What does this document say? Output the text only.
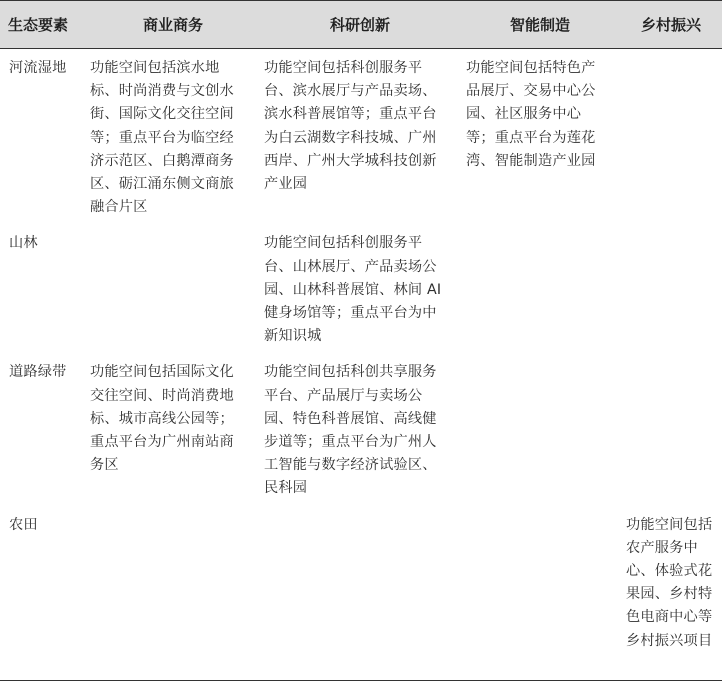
生态要素	商业商务	科研创新	智能制造	乡村振兴
河流湿地	功能空间包括滨水地标、时尚消费与文创水街、国际文化交往空间等；重点平台为临空经济示范区、白鹅潭商务区、砺江涌东侧文商旅融合片区	功能空间包括科创服务平台、滨水展厅与产品卖场、滨水科普展馆等；重点平台为白云湖数字科技城、广州西岸、广州大学城科技创新产业园	功能空间包括特色产品展厅、交易中心公园、社区服务中心等；重点平台为莲花湾、智能制造产业园	
山林		功能空间包括科创服务平台、山林展厅、产品卖场公园、山林科普展馆、林间 AI 健身场馆等；重点平台为中新知识城		
道路绿带	功能空间包括国际文化交往空间、时尚消费地标、城市高线公园等；重点平台为广州南站商务区	功能空间包括科创共享服务平台、产品展厅与卖场公园、特色科普展馆、高线健步道等；重点平台为广州人工智能与数字经济试验区、民科园		
农田				功能空间包括农产服务中心、体验式花果园、乡村特色电商中心等乡村振兴项目
